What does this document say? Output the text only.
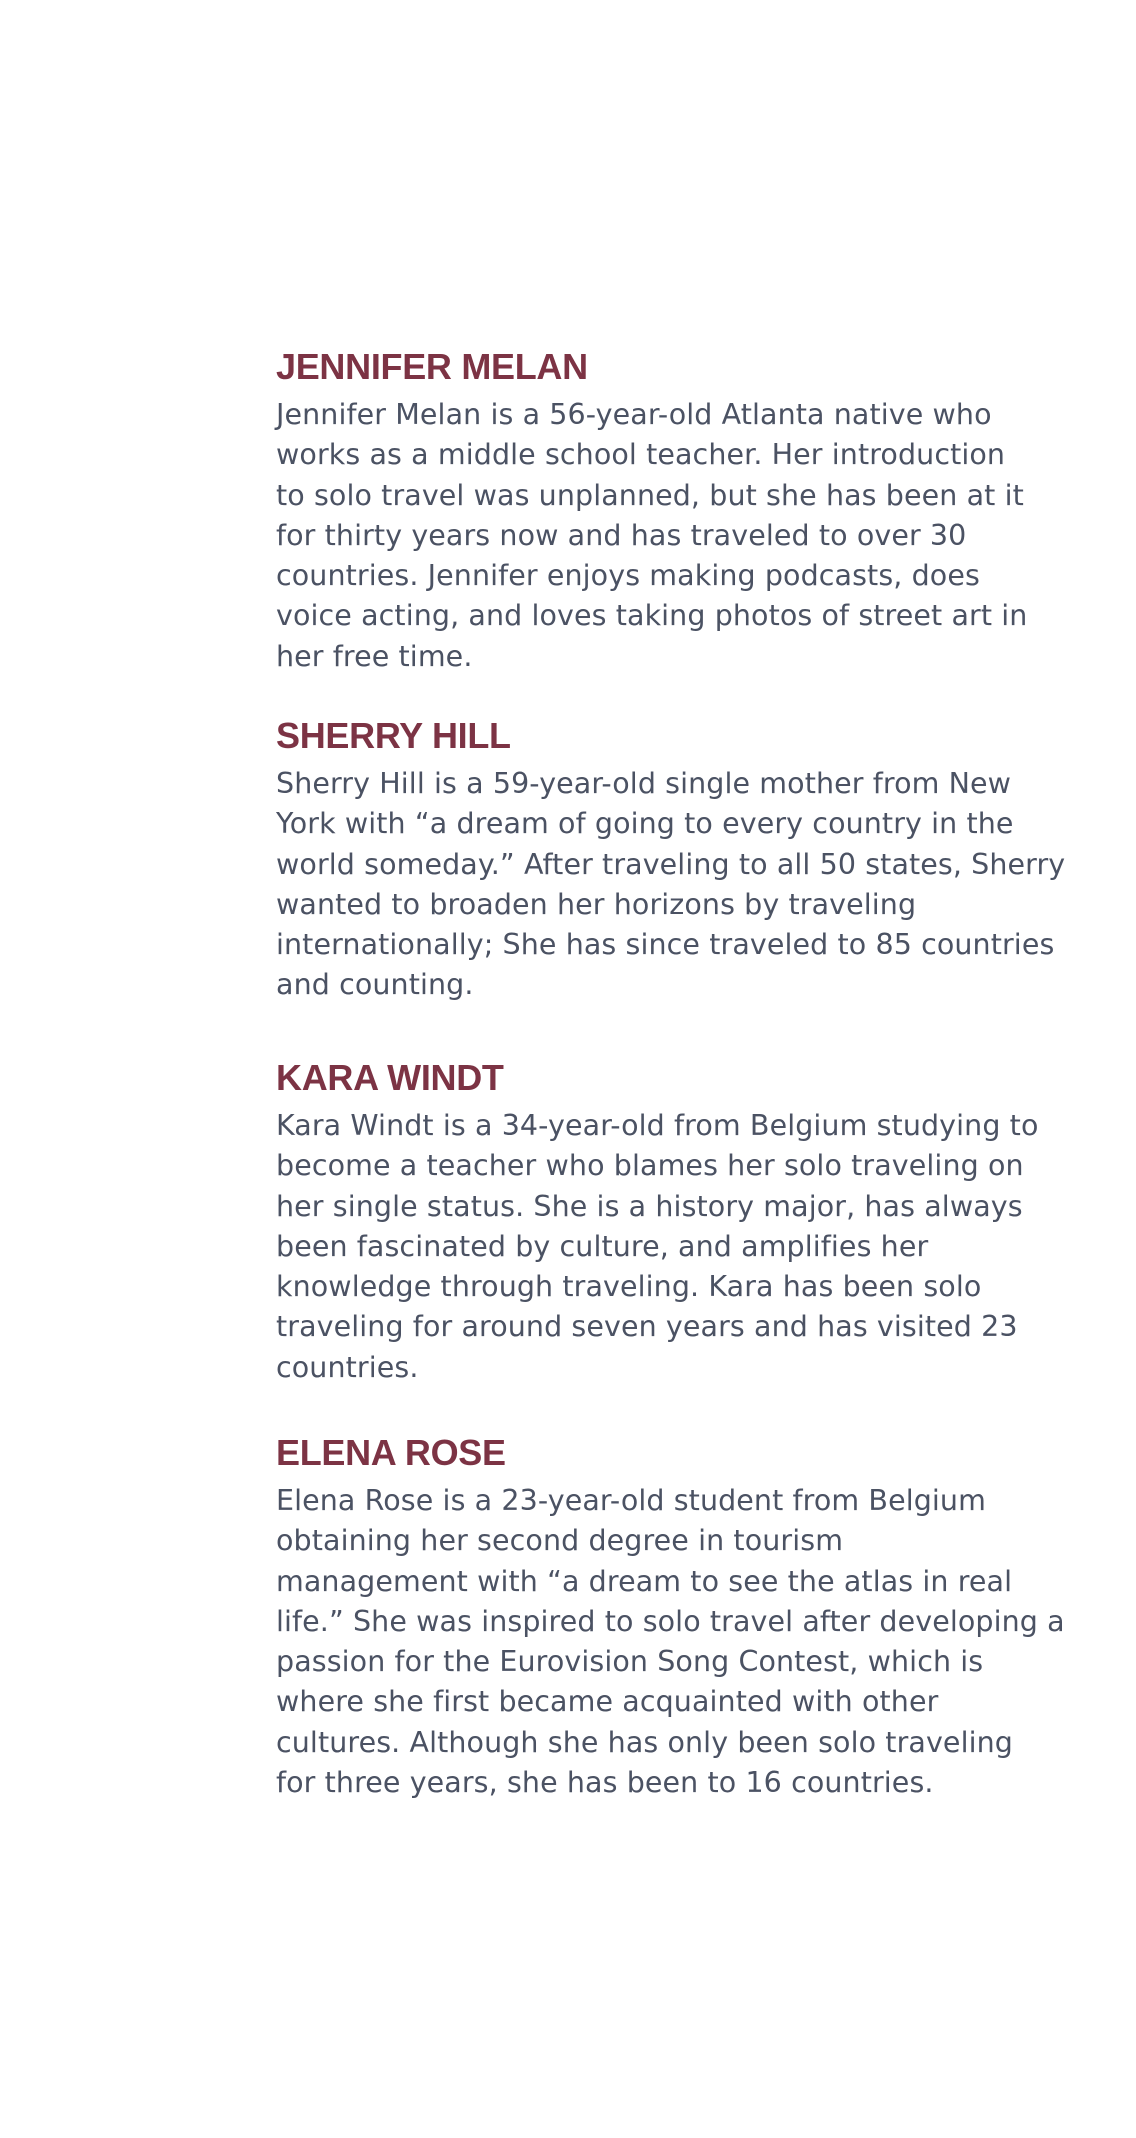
JENNIFER MELAN

Jennifer Melan is a 56-year-old Atlanta native who
works as a middle school teacher. Her introduction
to solo travel was unplanned, but she has been at it
for thirty years now and has traveled to over 30
countries. Jennifer enjoys making podcasts, does
voice acting, and loves taking photos of street art in
her free time.

SHERRY HILL

Sherry Hill is a 59-year-old single mother from New
York with “a dream of going to every country in the
world someday.” After traveling to all 50 states, Sherry
wanted to broaden her horizons by traveling
internationally; She has since traveled to 85 countries
and counting.

KARA WINDT

Kara Windt is a 34-year-old from Belgium studying to
become a teacher who blames her solo traveling on
her single status. She is a history major, has always
been fascinated by culture, and amplifies her
knowledge through traveling. Kara has been solo
traveling for around seven years and has visited 23
countries.

ELENA ROSE

Elena Rose is a 23-year-old student from Belgium
obtaining her second degree in tourism
management with “a dream to see the atlas in real
life.” She was inspired to solo travel after developing a
passion for the Eurovision Song Contest, which is
where she first became acquainted with other
cultures. Although she has only been solo traveling
for three years, she has been to 16 countries.
